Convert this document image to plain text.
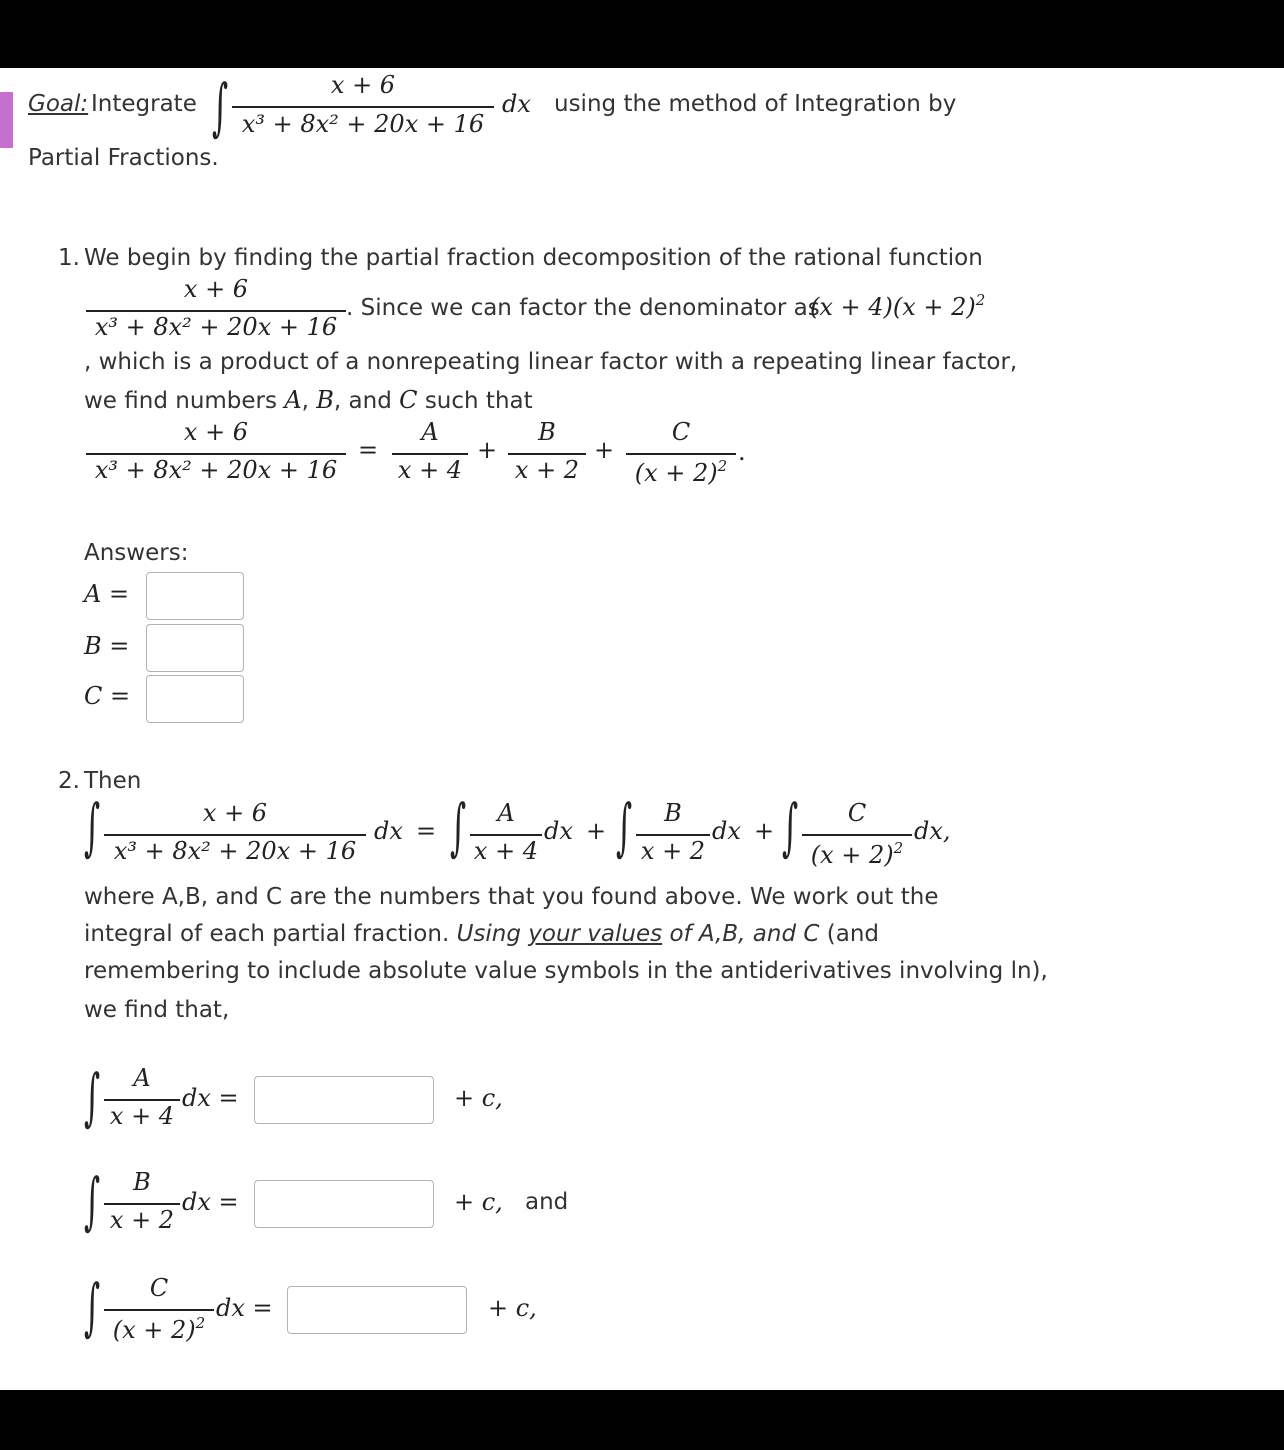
Goal: Integrate ∫	x + 6
x³ + 8x² + 20x + 16
dx using the method of Integration by
Partial Fractions.
1. We begin by finding the partial fraction decomposition of the rational function
x + 6
x³ + 8x² + 20x + 16
. Since we can factor the denominator as
$(x + 4)(x + 2)^2$
, which is a product of a nonrepeating linear factor with a repeating linear factor,
we find numbers A, B, and C such that
x + 6
x³ + 8x² + 20x + 16
=
A
x + 4
+
B
x + 2
+
C
$(x + 2)^2$ .
Answers:
A =
B =
C =
2. Then
∫	x + 6
x³ + 8x² + 20x + 16
dx = ∫	A
x + 4
dx + ∫	B
x + 2
dx + ∫	C
$(x + 2)^2$
dx,
where A,B, and C are the numbers that you found above. We work out the
integral of each partial fraction. Using your values of A,B, and C (and
remembering to include absolute value symbols in the antiderivatives involving ln),
we find that,
∫	A
x + 4
dx =	+ c,
∫	B
x + 2
dx =	+ c, and
∫	C
$(x + 2)^2$
dx =	+ c,
